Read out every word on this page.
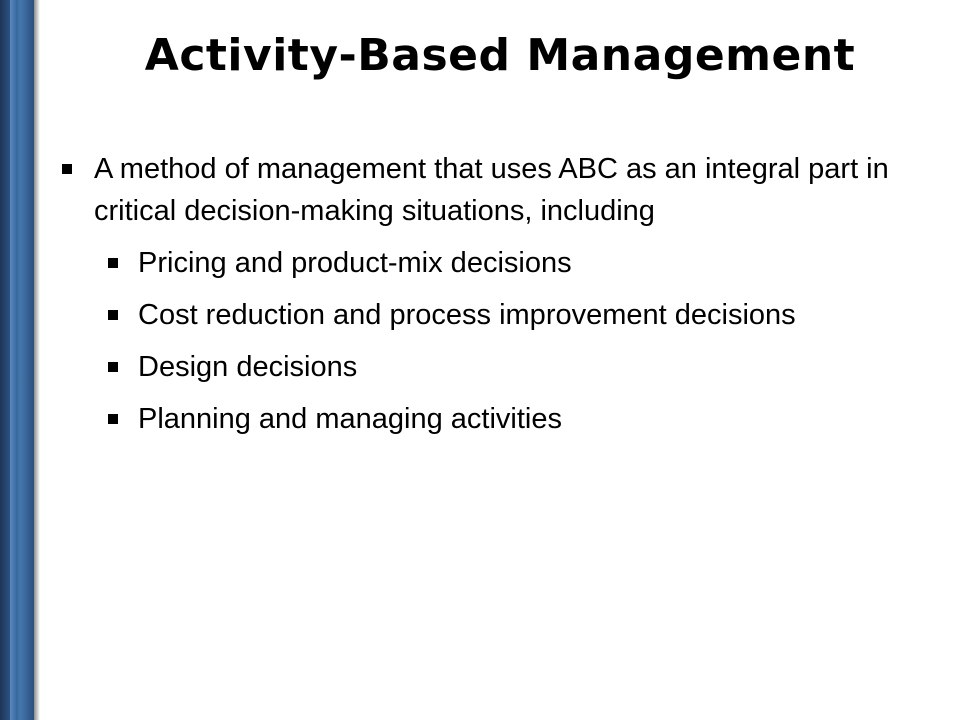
Activity-Based Management
A method of management that uses ABC as an integral part in critical decision-making situations, including
Pricing and product-mix decisions
Cost reduction and process improvement decisions
Design decisions
Planning and managing activities
